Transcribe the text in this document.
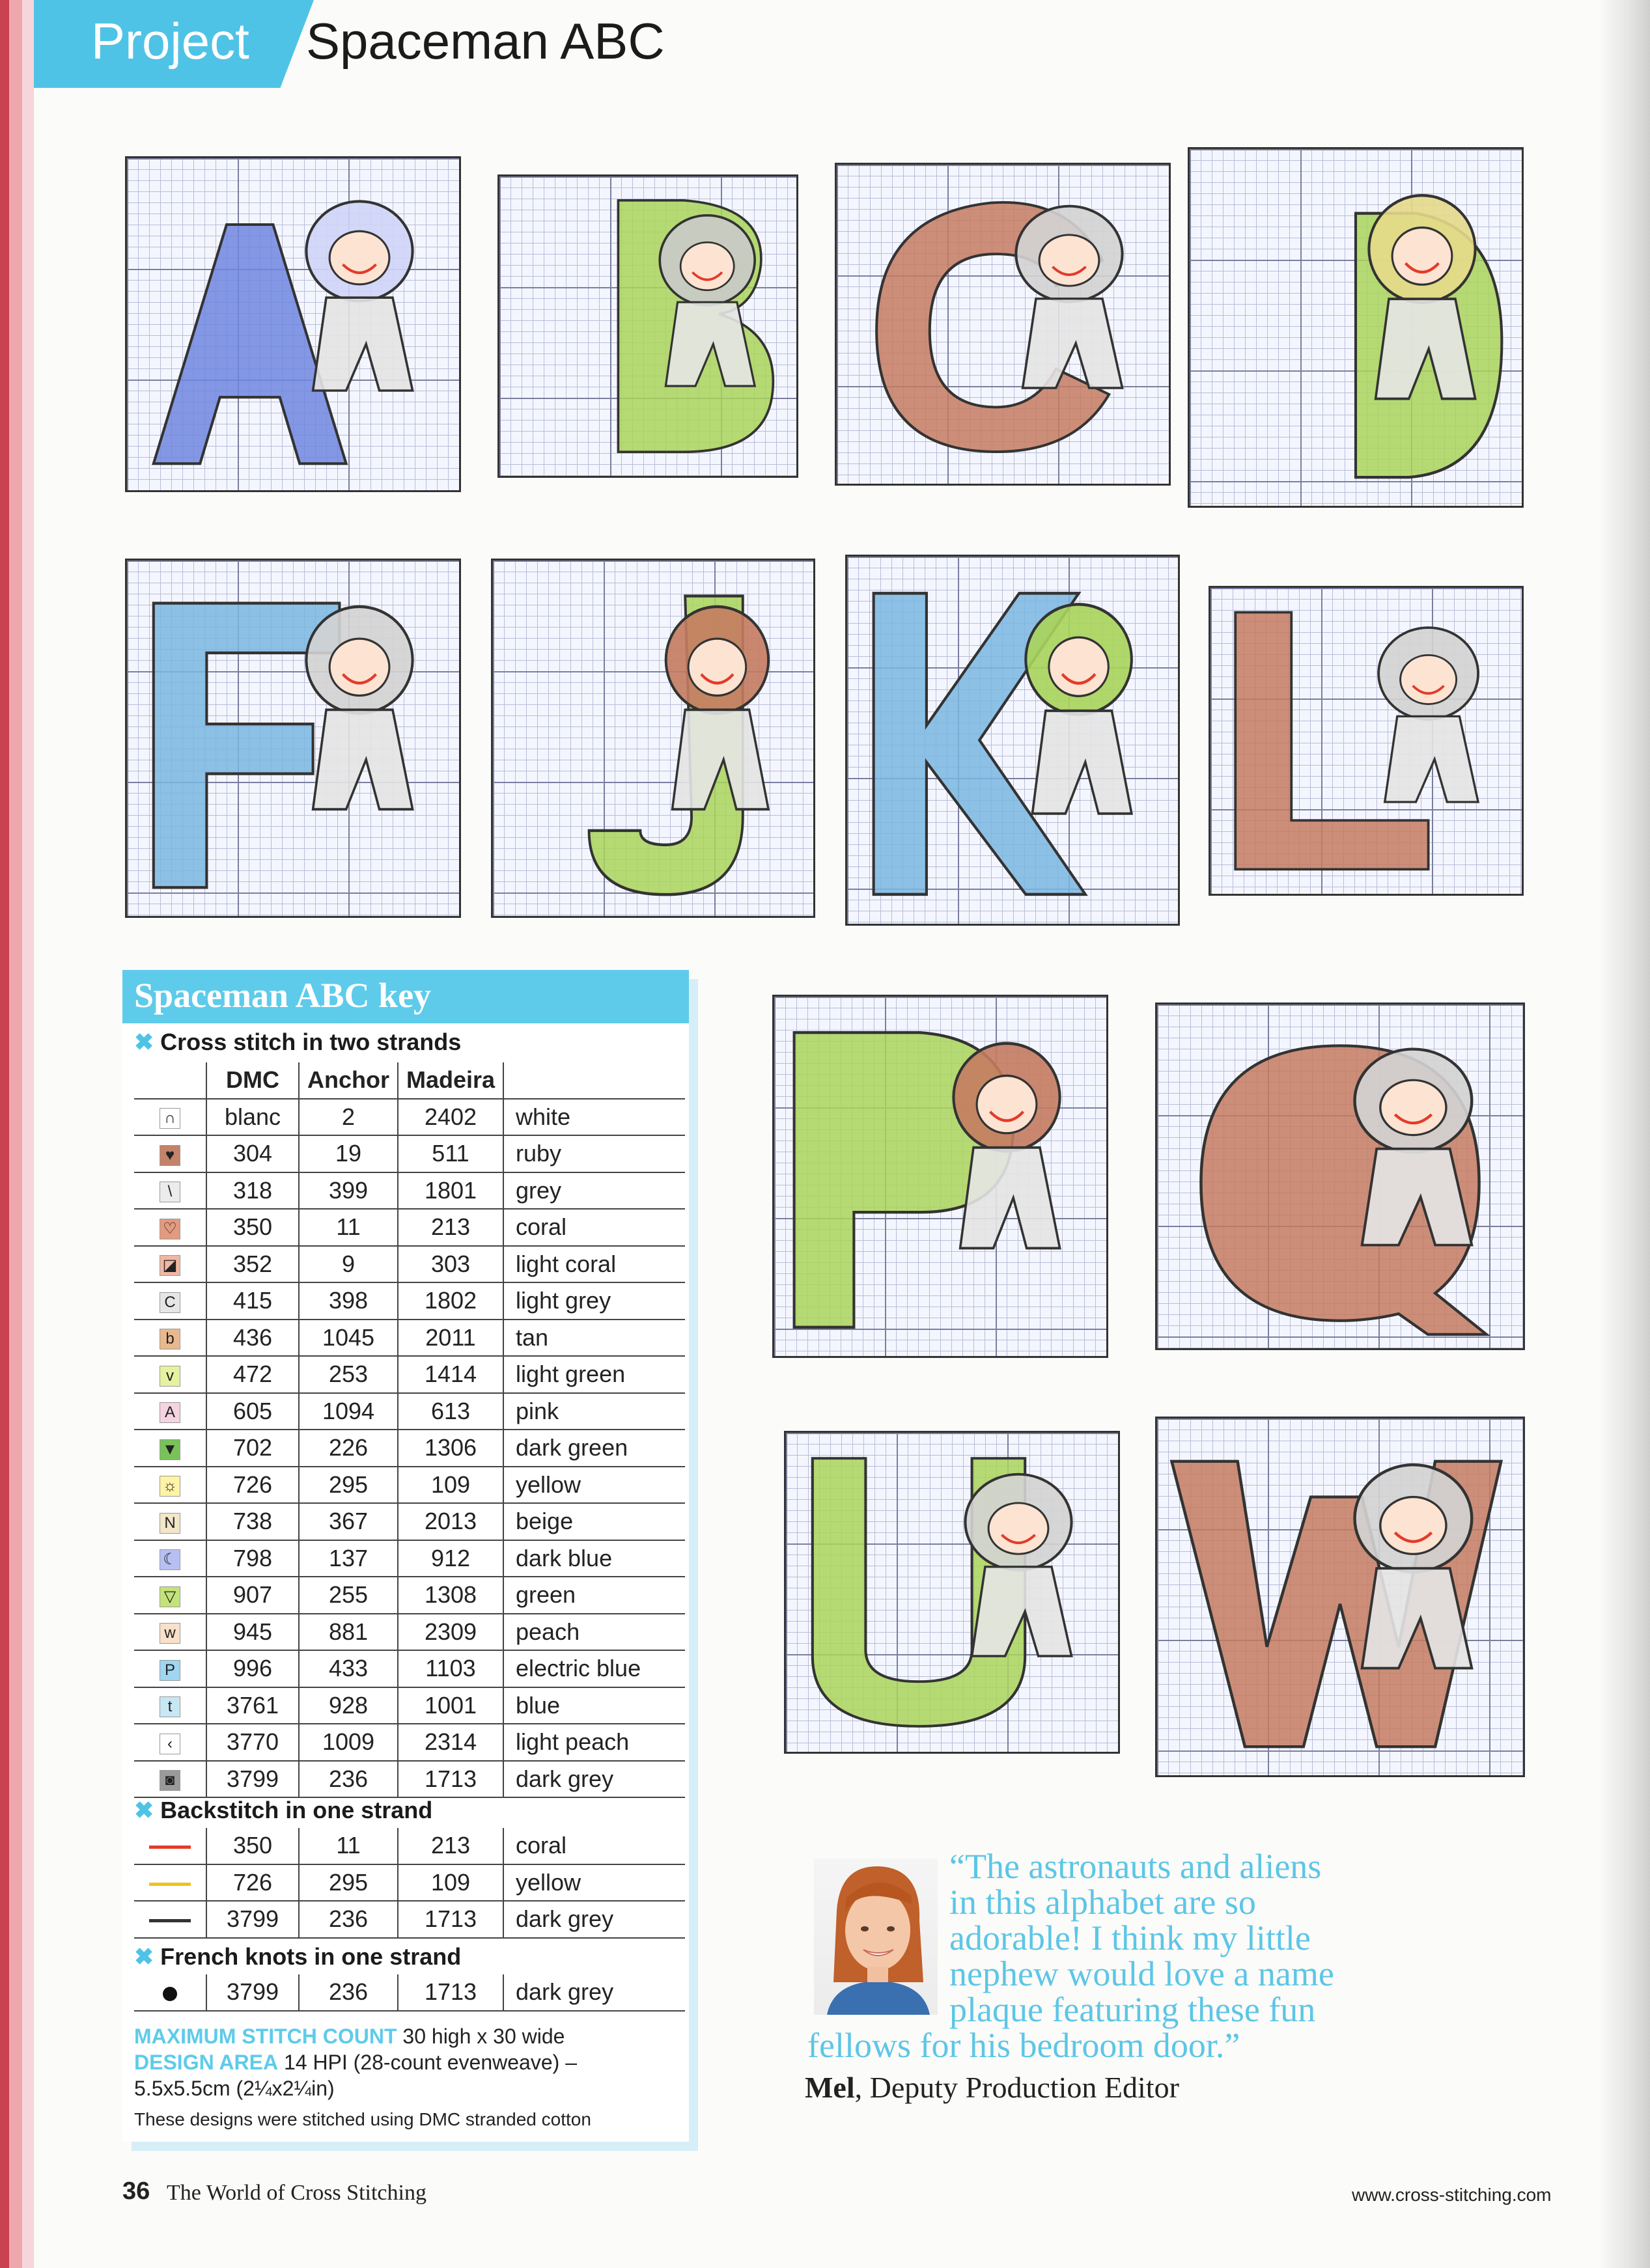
Project Spaceman ABC
Spaceman ABC key
✖ Cross stitch in two strands
	DMC	Anchor	Madeira	
∩	blanc	2	2402	white
♥	304	19	511	ruby
\	318	399	1801	grey
♡	350	11	213	coral
◪	352	9	303	light coral
C	415	398	1802	light grey
b	436	1045	2011	tan
v	472	253	1414	light green
A	605	1094	613	pink
▼	702	226	1306	dark green
☼	726	295	109	yellow
N	738	367	2013	beige
☾	798	137	912	dark blue
▽	907	255	1308	green
w	945	881	2309	peach
P	996	433	1103	electric blue
t	3761	928	1001	blue
‹	3770	1009	2314	light peach
◙	3799	236	1713	dark grey
✖ Backstitch in one strand
	350	11	213	coral
	726	295	109	yellow
	3799	236	1713	dark grey
✖ French knots in one strand
	3799	236	1713	dark grey
MAXIMUM STITCH COUNT 30 high x 30 wide
DESIGN AREA 14 HPI (28-count evenweave) –
5.5x5.5cm (2¼x2¼in)
These designs were stitched using DMC stranded cotton
“The astronauts and aliens
in this alphabet are so
adorable! I think my little
nephew would love a name
plaque featuring these fun
fellows for his bedroom door.”
Mel, Deputy Production Editor
36 The World of Cross Stitching	www.cross-stitching.com
